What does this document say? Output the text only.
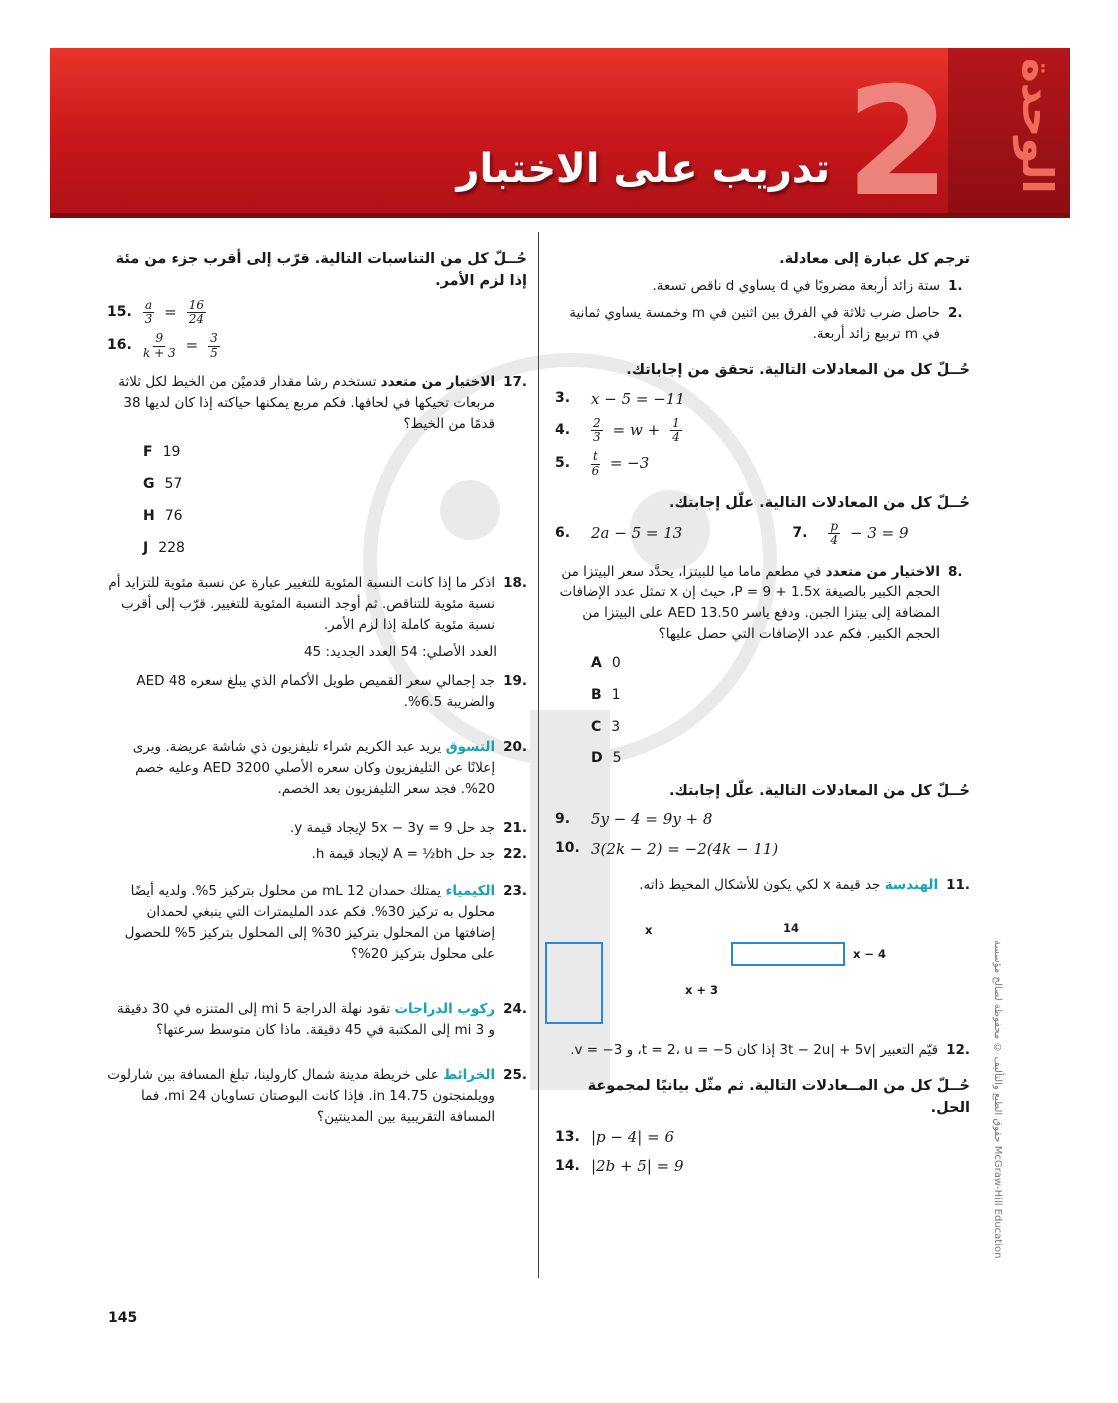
الوحدة
2
تدريب على الاختبار
ترجم كل عبارة إلى معادلة.
1.
ستة زائد أربعة مضروبًا في d يساوي d ناقص تسعة.
2.
حاصل ضرب ثلاثة في الفرق بين اثنين في m وخمسة يساوي ثمانية في m تربيع زائد أربعة.
حُــلّ كل من المعادلات التالية. تحقق من إجاباتك.
3.	x − 5 = −11
4.	$\frac{2}{3} = w + \frac{1}{4}$
5.	$\frac{t}{6} = -3$
حُــلّ كل من المعادلات التالية. علّل إجابتك.
6.	2a − 5 = 13	7.	$\frac{p}{4} - 3 = 9$
8.
الاختيار من متعدد في مطعم ماما ميا للبيتزا، يحدَّد سعر البيتزا من الحجم الكبير بالصيغة P = 9 + 1.5x، حيث إن x تمثل عدد الإضافات المضافة إلى بيتزا الجبن. ودفع ياسر AED 13.50 على البيتزا من الحجم الكبير. فكم عدد الإضافات التي حصل عليها؟
A 0
B 1
C 3
D 5
حُــلّ كل من المعادلات التالية. علّل إجابتك.
9.	5y − 4 = 9y + 8
10. 3(2k − 2) = −2(4k − 11)
11.
الهندسة جد قيمة x لكي يكون للأشكال المحيط ذاته.
x
x + 3
14
x − 4
12.
قيّم التعبير |3t − 2u| + 5v إذا كان t = 2، u = −5، و v = −3.
حُــلّ كل من المــعادلات التالية. ثم مثّل بيانيًا لمجموعة الحل.
13. |p − 4| = 6
14. |2b + 5| = 9
حُــلّ كل من التناسبات التالية. قرّب إلى أقرب جزء من مئة إذا لزم الأمر.
15. $\frac{a}{3} = \frac{16}{24}$
16. $\frac{9}{k + 3} = \frac{3}{5}$
17.
الاختيار من متعدد تستخدم رشا مقدار قدميْن من الخيط لكل ثلاثة مربعات تحيكها في لحافها. فكم مربع يمكنها حياكته إذا كان لديها 38 قدمًا من الخيط؟
F 19
G 57
H 76
J 228
18.
اذكر ما إذا كانت النسبة المئوية للتغيير عبارة عن نسبة مئوية للتزايد أم نسبة مئوية للتناقص. ثم أوجد النسبة المئوية للتغيير. قرّب إلى أقرب نسبة مئوية كاملة إذا لزم الأمر.
العدد الأصلي: 54 العدد الجديد: 45
19.
جد إجمالي سعر القميص طويل الأكمام الذي يبلغ سعره AED 48 والضريبة 6.5%.
20.
التسوق يريد عبد الكريم شراء تليفزيون ذي شاشة عريضة. ويرى إعلانًا عن التليفزيون وكان سعره الأصلي AED 3200 وعليه خصم 20%. فجد سعر التليفزيون بعد الخصم.
21.
جد حل 5x − 3y = 9 لإيجاد قيمة y.
22.
جد حل A = ½bh لإيجاد قيمة h.
23.
الكيمياء يمتلك حمدان 12 mL من محلول بتركيز 5%. ولديه أيضًا محلول به تركيز 30%. فكم عدد المليمترات التي ينبغي لحمدان إضافتها من المحلول بتركيز 30% إلى المحلول بتركيز 5% للحصول على محلول بتركيز 20%؟
24.
ركوب الدراجات تقود نهلة الدراجة 5 mi إلى المتنزه في 30 دقيقة و 3 mi إلى المكتبة في 45 دقيقة. ماذا كان متوسط سرعتها؟
25.
الخرائط على خريطة مدينة شمال كارولينا، تبلغ المسافة بين شارلوت وويلمنجتون 14.75 in. فإذا كانت البوصتان تساويان 24 mi، فما المسافة التقريبية بين المدينتين؟	حقوق الطبع والتأليف © محفوظة لصالح مؤسسة McGraw-Hill Education
145
